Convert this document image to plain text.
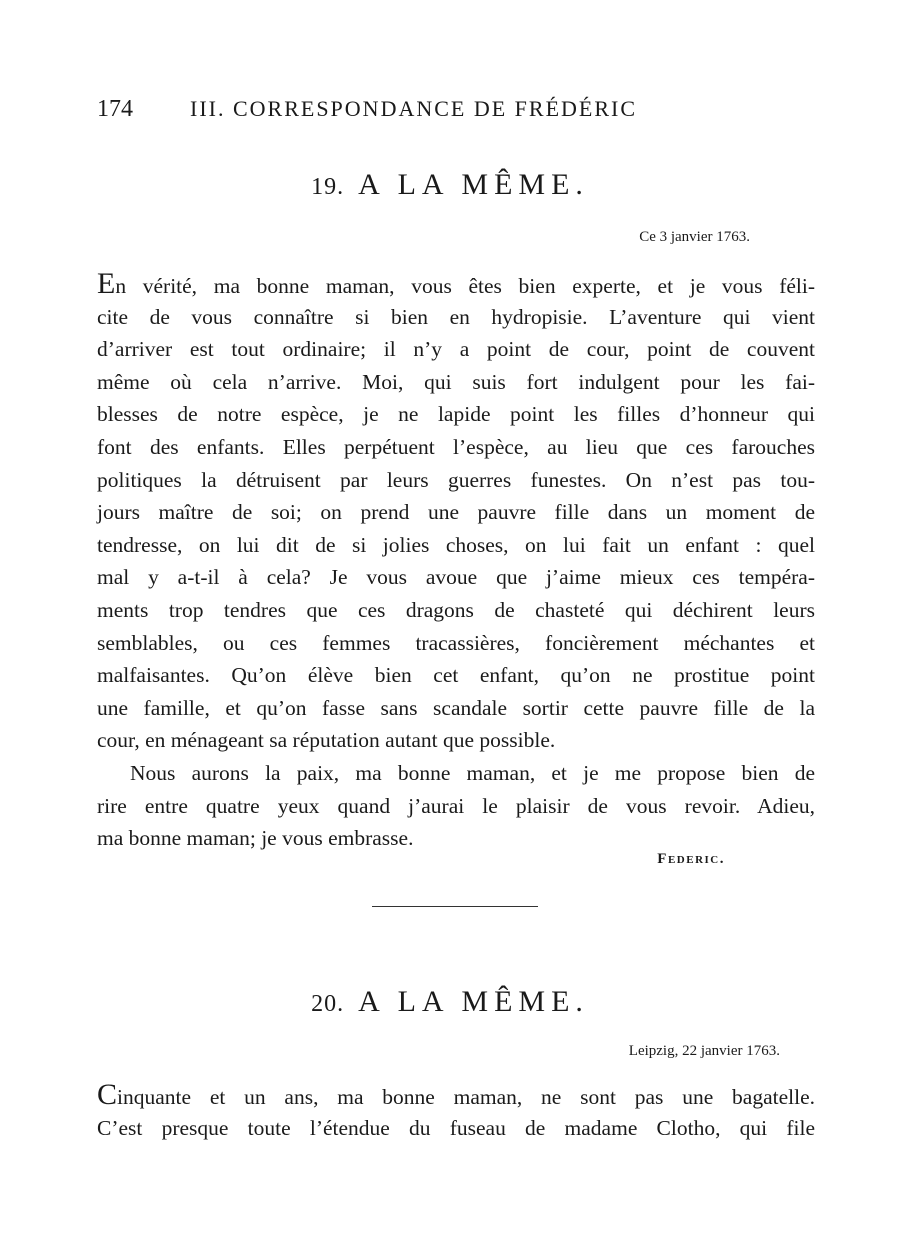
174	III. CORRESPONDANCE DE FRÉDÉRIC
19. A LA MÊME.
Ce 3 janvier 1763.
En vérité, ma bonne maman, vous êtes bien experte, et je vous féli-
cite de vous connaître si bien en hydropisie. L’aventure qui vient
d’arriver est tout ordinaire; il n’y a point de cour, point de couvent
même où cela n’arrive. Moi, qui suis fort indulgent pour les fai-
blesses de notre espèce, je ne lapide point les filles d’honneur qui
font des enfants. Elles perpétuent l’espèce, au lieu que ces farouches
politiques la détruisent par leurs guerres funestes. On n’est pas tou-
jours maître de soi; on prend une pauvre fille dans un moment de
tendresse, on lui dit de si jolies choses, on lui fait un enfant : quel
mal y a-t-il à cela? Je vous avoue que j’aime mieux ces tempéra-
ments trop tendres que ces dragons de chasteté qui déchirent leurs
semblables, ou ces femmes tracassières, foncièrement méchantes et
malfaisantes. Qu’on élève bien cet enfant, qu’on ne prostitue point
une famille, et qu’on fasse sans scandale sortir cette pauvre fille de la
cour, en ménageant sa réputation autant que possible.
Nous aurons la paix, ma bonne maman, et je me propose bien de
rire entre quatre yeux quand j’aurai le plaisir de vous revoir. Adieu,
ma bonne maman; je vous embrasse.
Federic.
20. A LA MÊME.
Leipzig, 22 janvier 1763.
Cinquante et un ans, ma bonne maman, ne sont pas une bagatelle.
C’est presque toute l’étendue du fuseau de madame Clotho, qui file
